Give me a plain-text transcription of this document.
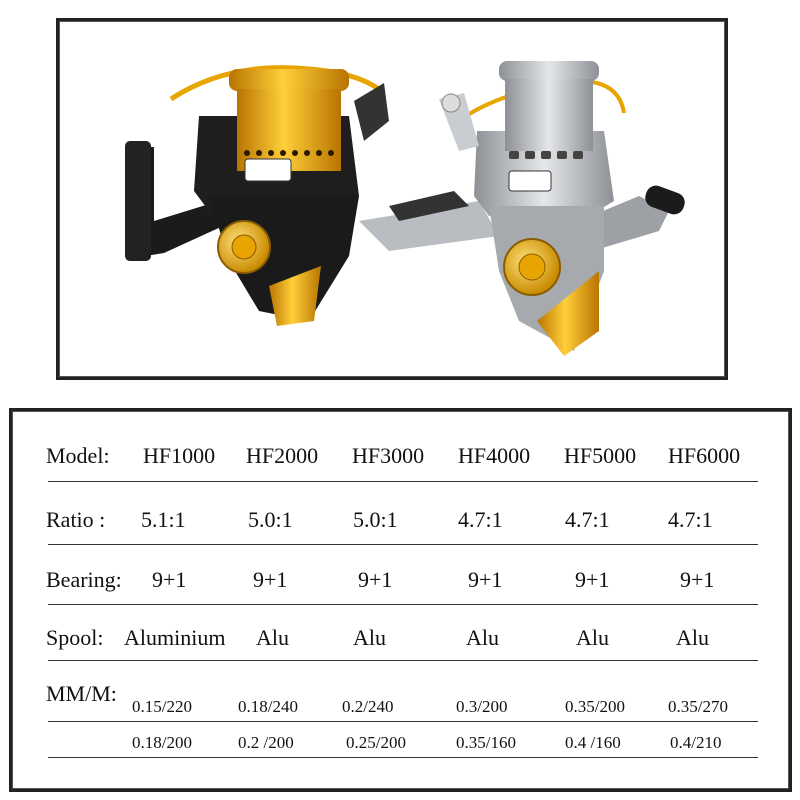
Model: HF1000 HF2000 HF3000 HF4000 HF5000 HF6000
Ratio : 5.1:1	5.0:1	5.0:1	4.7:1	4.7:1	4.7:1
Bearing: 9+1	9+1	9+1	9+1	9+1	9+1
Spool: Aluminium Alu	Alu	Alu	Alu	Alu
MM/M:
0.15/220	0.18/240	0.2/240	0.3/200	0.35/200	0.35/270
0.18/200	0.2 /200	0.25/200	0.35/160	0.4 /160	0.4/210
